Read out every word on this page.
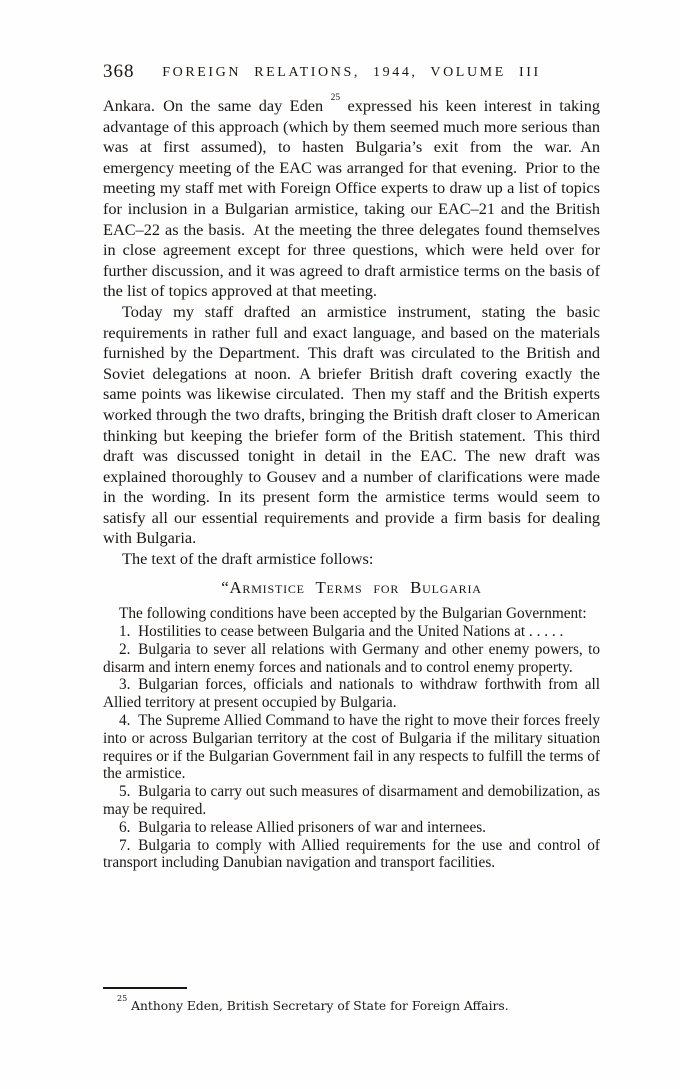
368	FOREIGN RELATIONS, 1944, VOLUME III

Ankara. On the same day Eden $^{25}$ expressed his keen interest in taking advantage of this approach (which by them seemed much more serious than was at first assumed), to hasten Bulgaria’s exit from the war. An emergency meeting of the EAC was arranged for that evening. Prior to the meeting my staff met with Foreign Office experts to draw up a list of topics for inclusion in a Bulgarian armistice, taking our EAC–21 and the British EAC–22 as the basis. At the meeting the three delegates found themselves in close agreement except for three questions, which were held over for further discussion, and it was agreed to draft armistice terms on the basis of the list of topics approved at that meeting.

Today my staff drafted an armistice instrument, stating the basic requirements in rather full and exact language, and based on the materials furnished by the Department. This draft was circulated to the British and Soviet delegations at noon. A briefer British draft covering exactly the same points was likewise circulated. Then my staff and the British experts worked through the two drafts, bringing the British draft closer to American thinking but keeping the briefer form of the British statement. This third draft was discussed tonight in detail in the EAC. The new draft was explained thoroughly to Gousev and a number of clarifications were made in the wording. In its present form the armistice terms would seem to satisfy all our essential requirements and provide a firm basis for dealing with Bulgaria.

The text of the draft armistice follows:

“Armistice Terms for Bulgaria

The following conditions have been accepted by the Bulgarian Government:

1. Hostilities to cease between Bulgaria and the United Nations at . . . . .

2. Bulgaria to sever all relations with Germany and other enemy powers, to disarm and intern enemy forces and nationals and to control enemy property.

3. Bulgarian forces, officials and nationals to withdraw forthwith from all Allied territory at present occupied by Bulgaria.

4. The Supreme Allied Command to have the right to move their forces freely into or across Bulgarian territory at the cost of Bulgaria if the military situation requires or if the Bulgarian Government fail in any respects to fulfill the terms of the armistice.

5. Bulgaria to carry out such measures of disarmament and demobilization, as may be required.

6. Bulgaria to release Allied prisoners of war and internees.

7. Bulgaria to comply with Allied requirements for the use and control of transport including Danubian navigation and transport facilities.

$^{25}$ Anthony Eden, British Secretary of State for Foreign Affairs.
